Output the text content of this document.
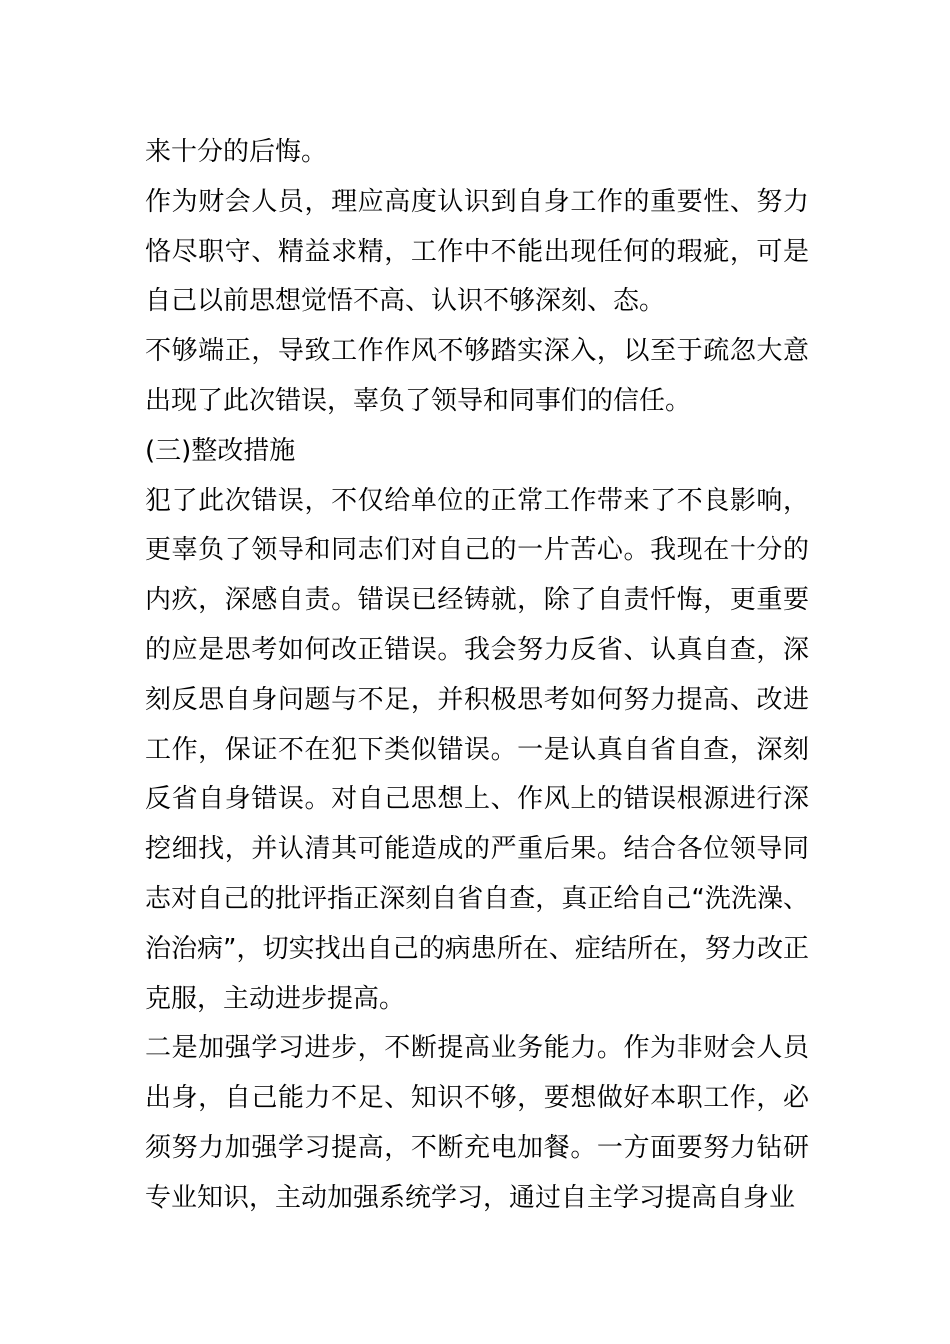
来十分的后悔。

作为财会人员，理应高度认识到自身工作的重要性、努力恪尽职守、精益求精，工作中不能出现任何的瑕疵，可是自己以前思想觉悟不高、认识不够深刻、态。

不够端正，导致工作作风不够踏实深入，以至于疏忽大意出现了此次错误，辜负了领导和同事们的信任。

(三)整改措施

犯了此次错误，不仅给单位的正常工作带来了不良影响，更辜负了领导和同志们对自己的一片苦心。我现在十分的内疚，深感自责。错误已经铸就，除了自责忏悔，更重要的应是思考如何改正错误。我会努力反省、认真自查，深刻反思自身问题与不足，并积极思考如何努力提高、改进工作，保证不在犯下类似错误。一是认真自省自查，深刻反省自身错误。对自己思想上、作风上的错误根源进行深挖细找，并认清其可能造成的严重后果。结合各位领导同志对自己的批评指正深刻自省自查，真正给自己“洗洗澡、治治病”，切实找出自己的病患所在、症结所在，努力改正克服，主动进步提高。

二是加强学习进步，不断提高业务能力。作为非财会人员出身，自己能力不足、知识不够，要想做好本职工作，必须努力加强学习提高，不断充电加餐。一方面要努力钻研专业知识，主动加强系统学习，通过自主学习提高自身业
